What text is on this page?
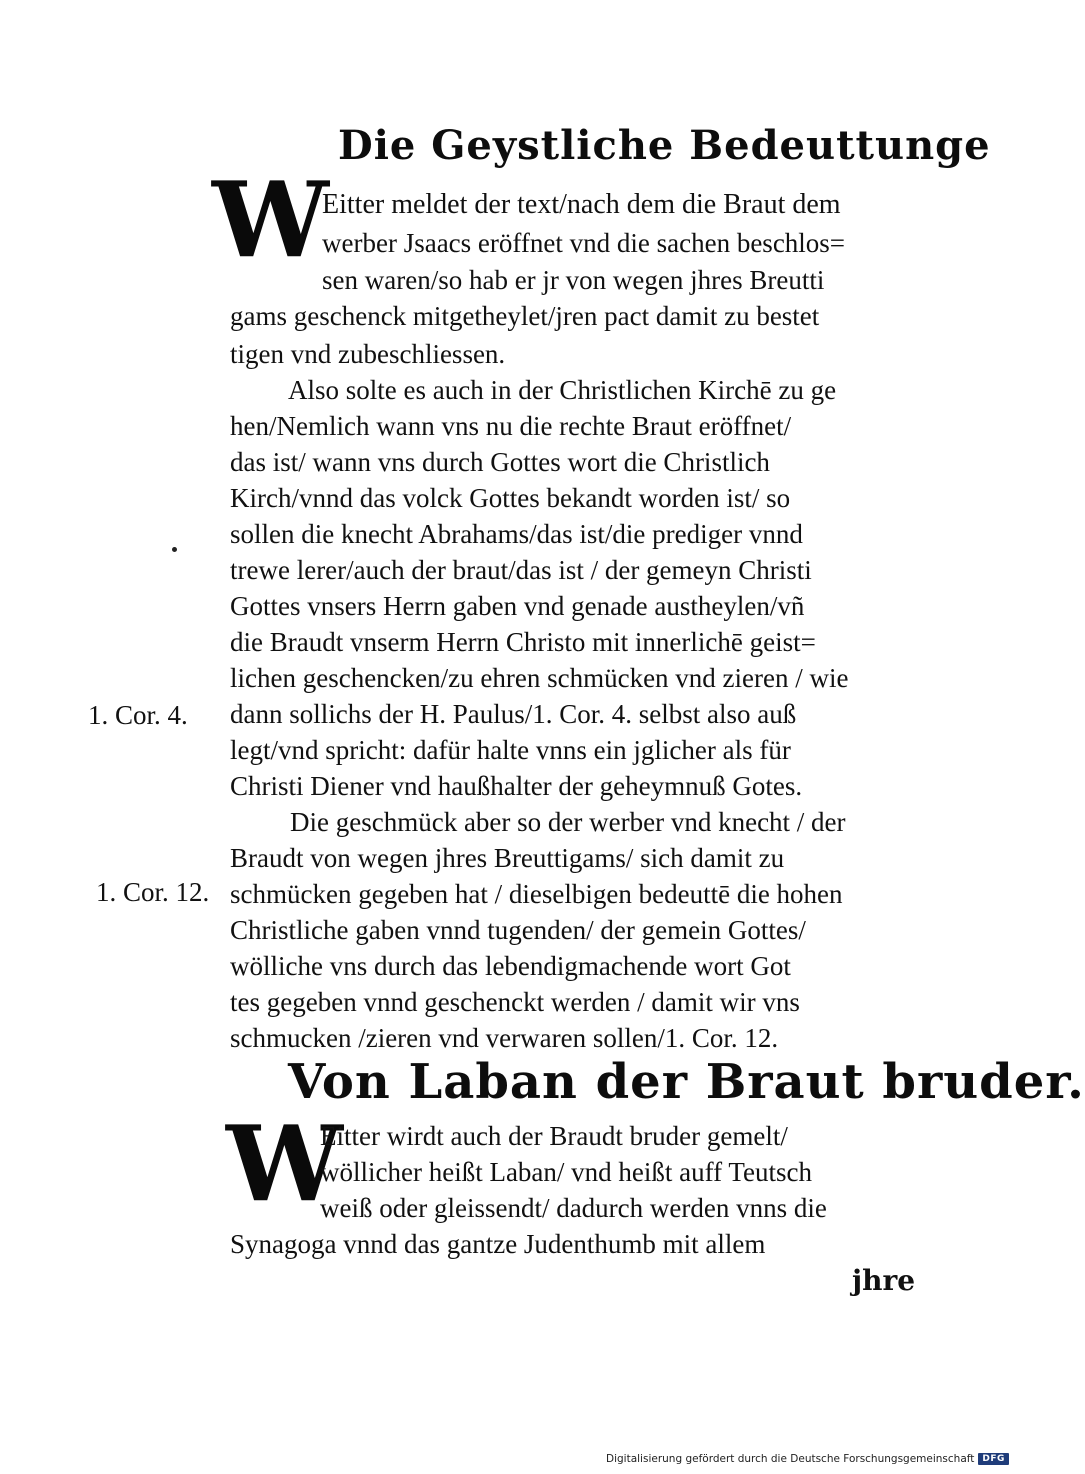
Die Geystliche Bedeuttunge
W
Eitter meldet der text/nach dem die Braut dem
werber Jsaacs eröffnet vnd die sachen beschlos=
sen waren/so hab er jr von wegen jhres Breutti
gams geschenck mitgetheylet/jren pact damit zu bestet
tigen vnd zubeschliessen.
Also solte es auch in der Christlichen Kirchē zu ge
hen/Nemlich wann vns nu die rechte Braut eröffnet/
das ist/ wann vns durch Gottes wort die Christlich
Kirch/vnnd das volck Gottes bekandt worden ist/ so
sollen die knecht Abrahams/das ist/die prediger vnnd
trewe lerer/auch der braut/das ist / der gemeyn Christi
Gottes vnsers Herrn gaben vnd genade austheylen/vñ
die Braudt vnserm Herrn Christo mit innerlichē geist=
lichen geschencken/zu ehren schmücken vnd zieren / wie
1. Cor. 4. dann sollichs der H. Paulus/1. Cor. 4. selbst also auß
legt/vnd spricht: dafür halte vnns ein jglicher als für
Christi Diener vnd haußhalter der geheymnuß Gotes.
Die geschmück aber so der werber vnd knecht / der
Braudt von wegen jhres Breuttigams/ sich damit zu
1. Cor. 12. schmücken gegeben hat / dieselbigen bedeuttē die hohen
Christliche gaben vnnd tugenden/ der gemein Gottes/
wölliche vns durch das lebendigmachende wort Got
tes gegeben vnnd geschenckt werden / damit wir vns
schmucken /zieren vnd verwaren sollen/1. Cor. 12.
Von Laban der Braut bruder.
W
Eitter wirdt auch der Braudt bruder gemelt/
wöllicher heißt Laban/ vnd heißt auff Teutsch
weiß oder gleissendt/ dadurch werden vnns die
Synagoga vnnd das gantze Judenthumb mit allem
jhre
Digitalisierung gefördert durch die Deutsche Forschungsgemeinschaft DFG
